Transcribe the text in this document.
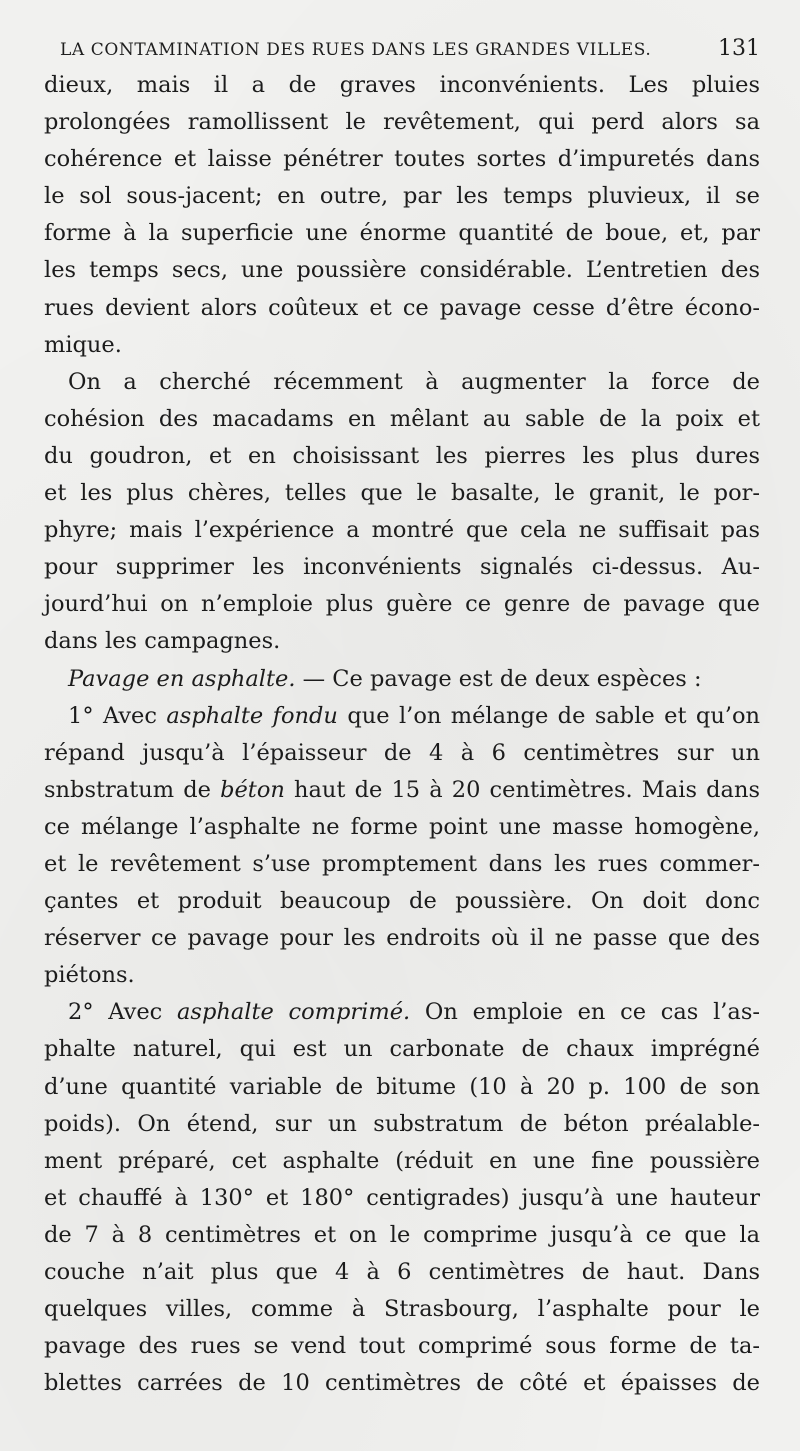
LA CONTAMINATION DES RUES DANS LES GRANDES VILLES.	131
dieux, mais il a de graves inconvénients. Les pluies
prolongées ramollissent le revêtement, qui perd alors sa
cohérence et laisse pénétrer toutes sortes d’impuretés dans
le sol sous-jacent; en outre, par les temps pluvieux, il se
forme à la superficie une énorme quantité de boue, et, par
les temps secs, une poussière considérable. L’entretien des
rues devient alors coûteux et ce pavage cesse d’être écono-
mique.
On a cherché récemment à augmenter la force de
cohésion des macadams en mêlant au sable de la poix et
du goudron, et en choisissant les pierres les plus dures
et les plus chères, telles que le basalte, le granit, le por-
phyre; mais l’expérience a montré que cela ne suffisait pas
pour supprimer les inconvénients signalés ci-dessus. Au-
jourd’hui on n’emploie plus guère ce genre de pavage que
dans les campagnes.
Pavage en asphalte. — Ce pavage est de deux espèces :
1° Avec asphalte fondu que l’on mélange de sable et qu’on
répand jusqu’à l’épaisseur de 4 à 6 centimètres sur un
snbstratum de béton haut de 15 à 20 centimètres. Mais dans
ce mélange l’asphalte ne forme point une masse homogène,
et le revêtement s’use promptement dans les rues commer-
çantes et produit beaucoup de poussière. On doit donc
réserver ce pavage pour les endroits où il ne passe que des
piétons.
2° Avec asphalte comprimé. On emploie en ce cas l’as-
phalte naturel, qui est un carbonate de chaux imprégné
d’une quantité variable de bitume (10 à 20 p. 100 de son
poids). On étend, sur un substratum de béton préalable-
ment préparé, cet asphalte (réduit en une fine poussière
et chauffé à 130° et 180° centigrades) jusqu’à une hauteur
de 7 à 8 centimètres et on le comprime jusqu’à ce que la
couche n’ait plus que 4 à 6 centimètres de haut. Dans
quelques villes, comme à Strasbourg, l’asphalte pour le
pavage des rues se vend tout comprimé sous forme de ta-
blettes carrées de 10 centimètres de côté et épaisses de
